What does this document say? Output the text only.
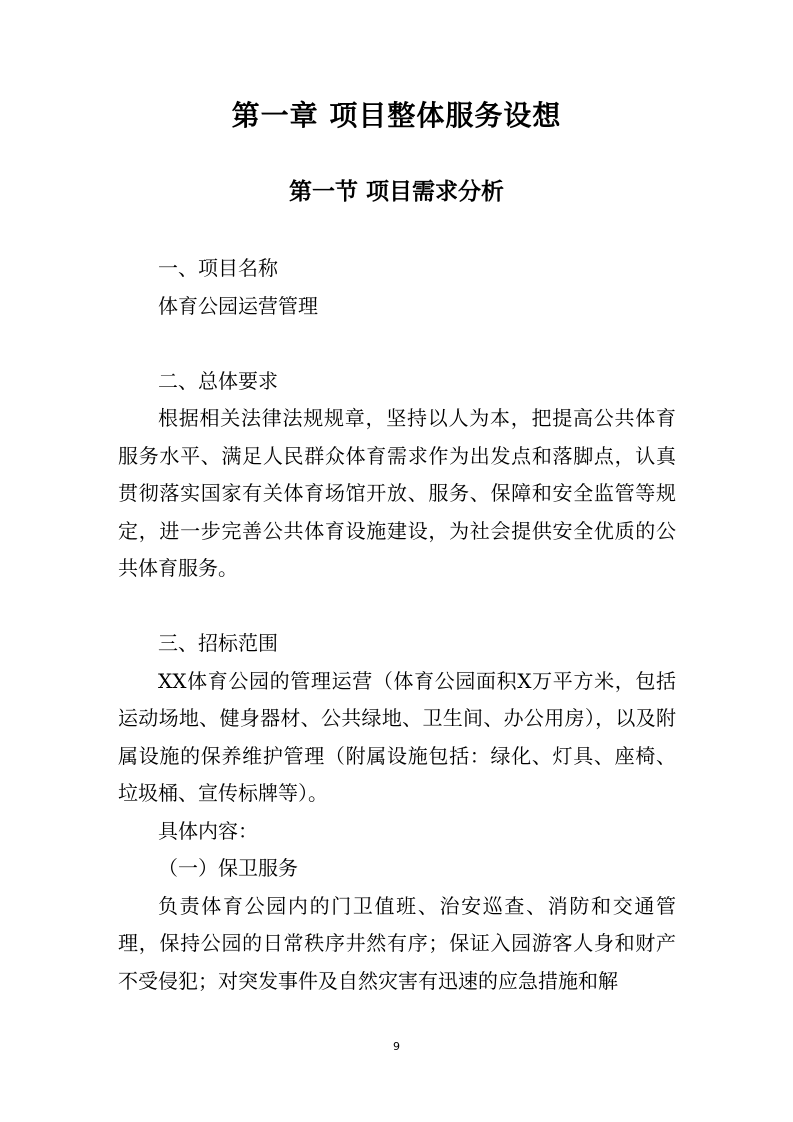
第一章 项目整体服务设想
第一节 项目需求分析

一、项目名称

体育公园运营管理

二、总体要求

根据相关法律法规规章，坚持以人为本，把提高公共体育服务水平、满足人民群众体育需求作为出发点和落脚点，认真贯彻落实国家有关体育场馆开放、服务、保障和安全监管等规定，进一步完善公共体育设施建设，为社会提供安全优质的公共体育服务。

三、招标范围

XX体育公园的管理运营（体育公园面积X万平方米，包括运动场地、健身器材、公共绿地、卫生间、办公用房），以及附属设施的保养维护管理（附属设施包括：绿化、灯具、座椅、垃圾桶、宣传标牌等）。

具体内容：

（一）保卫服务

负责体育公园内的门卫值班、治安巡查、消防和交通管理，保持公园的日常秩序井然有序；保证入园游客人身和财产不受侵犯；对突发事件及自然灾害有迅速的应急措施和解

9
